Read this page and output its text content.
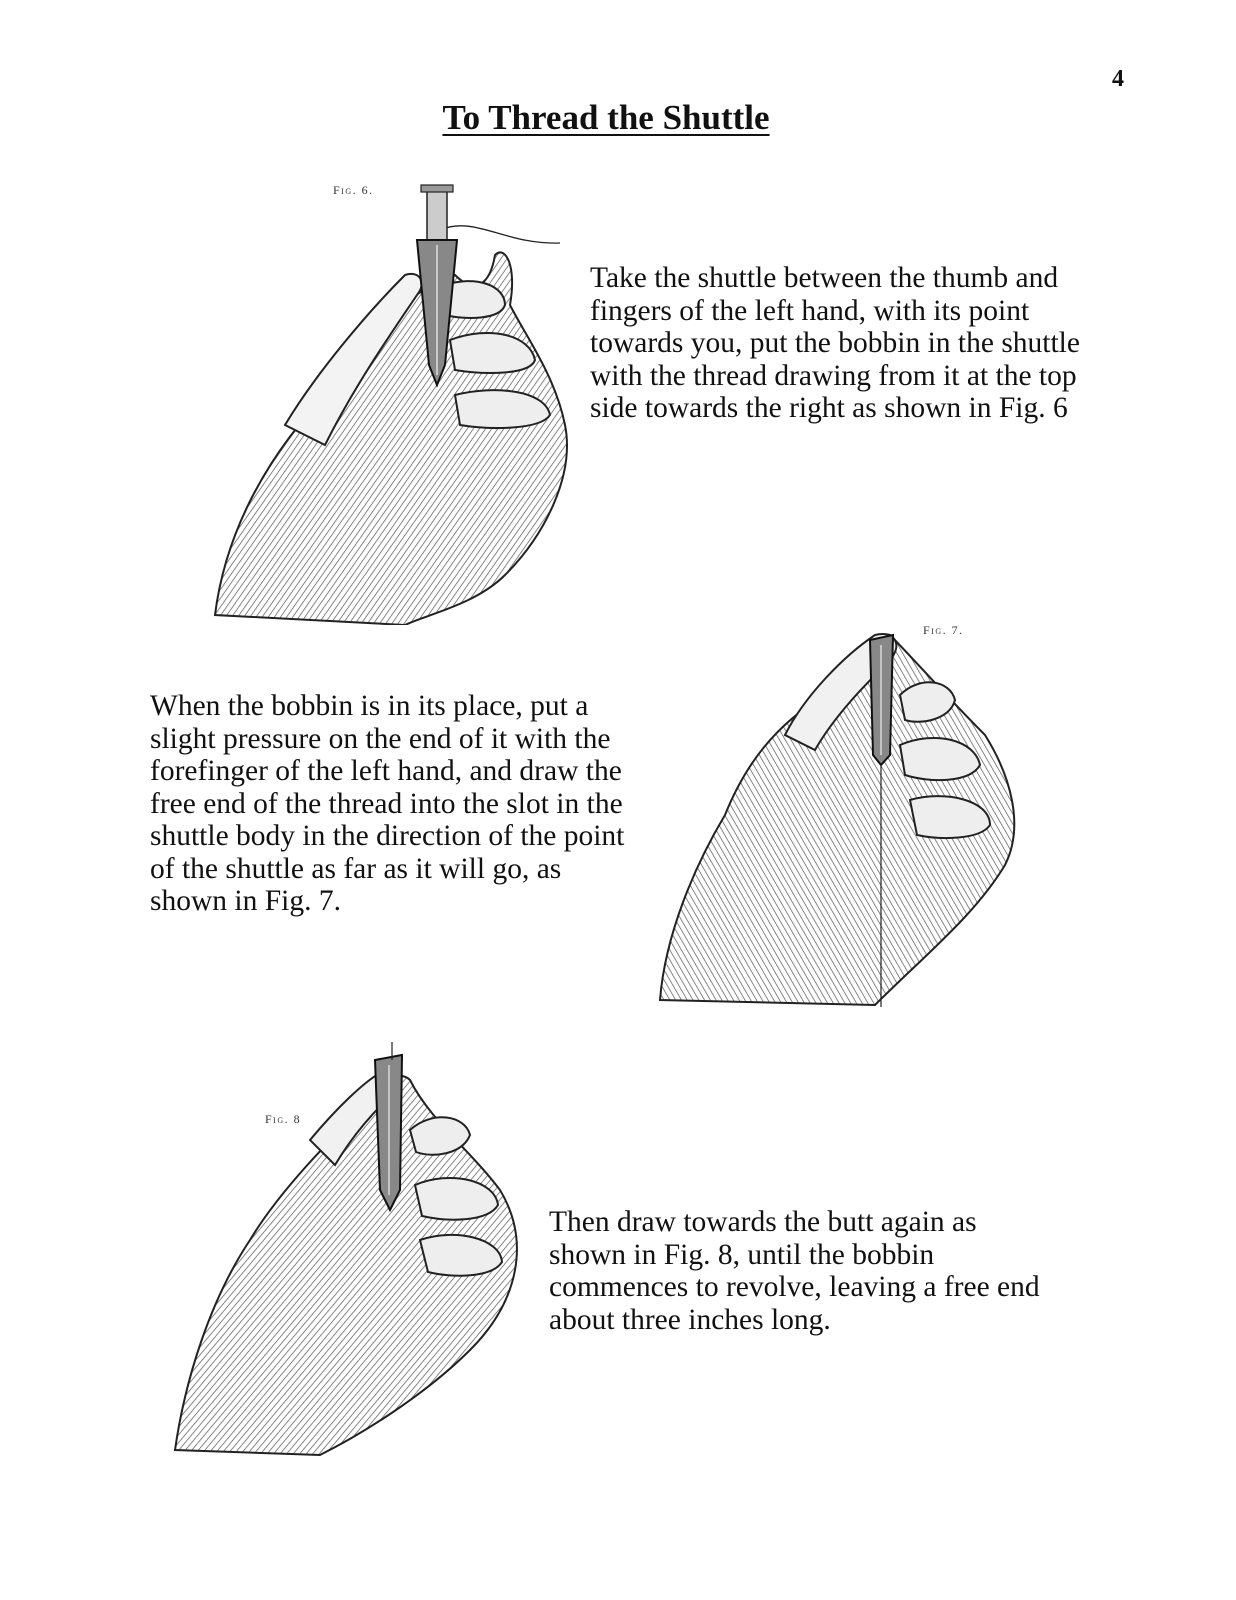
4
To Thread the Shuttle
Fig. 6.

Take the shuttle between the thumb and fingers of the left hand, with its point towards you, put the bobbin in the shuttle with the thread drawing from it at the top side towards the right as shown in Fig. 6

Fig. 7.

When the bobbin is in its place, put a slight pressure on the end of it with the forefinger of the left hand, and draw the free end of the thread into the slot in the shuttle body in the direction of the point of the shuttle as far as it will go, as shown in Fig. 7.

Fig. 8

Then draw towards the butt again as shown in Fig. 8, until the bobbin commences to revolve, leaving a free end about three inches long.
